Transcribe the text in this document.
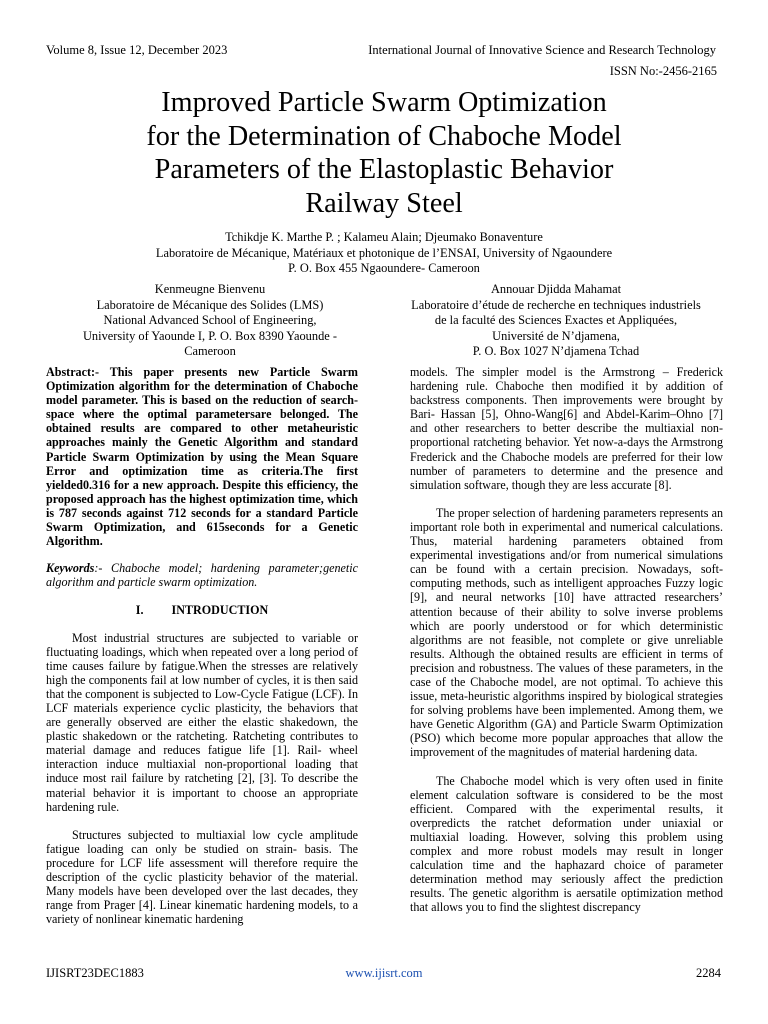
Volume 8, Issue 12, December 2023	International Journal of Innovative Science and Research Technology
ISSN No:-2456-2165
Improved Particle Swarm Optimization
for the Determination of Chaboche Model
Parameters of the Elastoplastic Behavior
Railway Steel
Tchikdje K. Marthe P. ; Kalameu Alain; Djeumako Bonaventure
Laboratoire de Mécanique, Matériaux et photonique de l’ENSAI, University of Ngaoundere
P. O. Box 455 Ngaoundere- Cameroon
Kenmeugne Bienvenu
Laboratoire de Mécanique des Solides (LMS)
National Advanced School of Engineering,
University of Yaounde I, P. O. Box 8390 Yaounde -
Cameroon
Annouar Djidda Mahamat
Laboratoire d’étude de recherche en techniques industriels
de la faculté des Sciences Exactes et Appliquées,
Université de N’djamena,
P. O. Box 1027 N’djamena Tchad

Abstract:- This paper presents new Particle Swarm Optimization algorithm for the determination of Chaboche model parameter. This is based on the reduction of search-space where the optimal parametersare belonged. The obtained results are compared to other metaheuristic approaches mainly the Genetic Algorithm and standard Particle Swarm Optimization by using the Mean Square Error and optimization time as criteria.The first yielded0.316 for a new approach. Despite this efficiency, the proposed approach has the highest optimization time, which is 787 seconds against 712 seconds for a standard Particle Swarm Optimization, and 615seconds for a Genetic Algorithm.

Keywords:- Chaboche model; hardening parameter;genetic algorithm and particle swarm optimization.

I. INTRODUCTION

Most industrial structures are subjected to variable or fluctuating loadings, which when repeated over a long period of time causes failure by fatigue.When the stresses are relatively high the components fail at low number of cycles, it is then said that the component is subjected to Low-Cycle Fatigue (LCF). In LCF materials experience cyclic plasticity, the behaviors that are generally observed are either the elastic shakedown, the plastic shakedown or the ratcheting. Ratcheting contributes to material damage and reduces fatigue life [1]. Rail- wheel interaction induce multiaxial non-proportional loading that induce most rail failure by ratcheting [2], [3]. To describe the material behavior it is important to choose an appropriate hardening rule.

Structures subjected to multiaxial low cycle amplitude fatigue loading can only be studied on strain- basis. The procedure for LCF life assessment will therefore require the description of the cyclic plasticity behavior of the material. Many models have been developed over the last decades, they range from Prager [4]. Linear kinematic hardening models, to a variety of nonlinear kinematic hardening

models. The simpler model is the Armstrong – Frederick hardening rule. Chaboche then modified it by addition of backstress components. Then improvements were brought by Bari- Hassan [5], Ohno-Wang[6] and Abdel-Karim–Ohno [7] and other researchers to better describe the multiaxial non-proportional ratcheting behavior. Yet now-a-days the Armstrong Frederick and the Chaboche models are preferred for their low number of parameters to determine and the presence and simulation software, though they are less accurate [8].

The proper selection of hardening parameters represents an important role both in experimental and numerical calculations. Thus, material hardening parameters obtained from experimental investigations and/or from numerical simulations can be found with a certain precision. Nowadays, soft-computing methods, such as intelligent approaches Fuzzy logic [9], and neural networks [10] have attracted researchers’ attention because of their ability to solve inverse problems which are poorly understood or for which deterministic algorithms are not feasible, not complete or give unreliable results. Although the obtained results are efficient in terms of precision and robustness. The values of these parameters, in the case of the Chaboche model, are not optimal. To achieve this issue, meta-heuristic algorithms inspired by biological strategies for solving problems have been implemented. Among them, we have Genetic Algorithm (GA) and Particle Swarm Optimization (PSO) which become more popular approaches that allow the improvement of the magnitudes of material hardening data.

The Chaboche model which is very often used in finite element calculation software is considered to be the most efficient. Compared with the experimental results, it overpredicts the ratchet deformation under uniaxial or multiaxial loading. However, solving this problem using complex and more robust models may result in longer calculation time and the haphazard choice of parameter determination method may seriously affect the prediction results. The genetic algorithm is aersatile optimization method that allows you to find the slightest discrepancy

IJISRT23DEC1883	www.ijisrt.com	2284
